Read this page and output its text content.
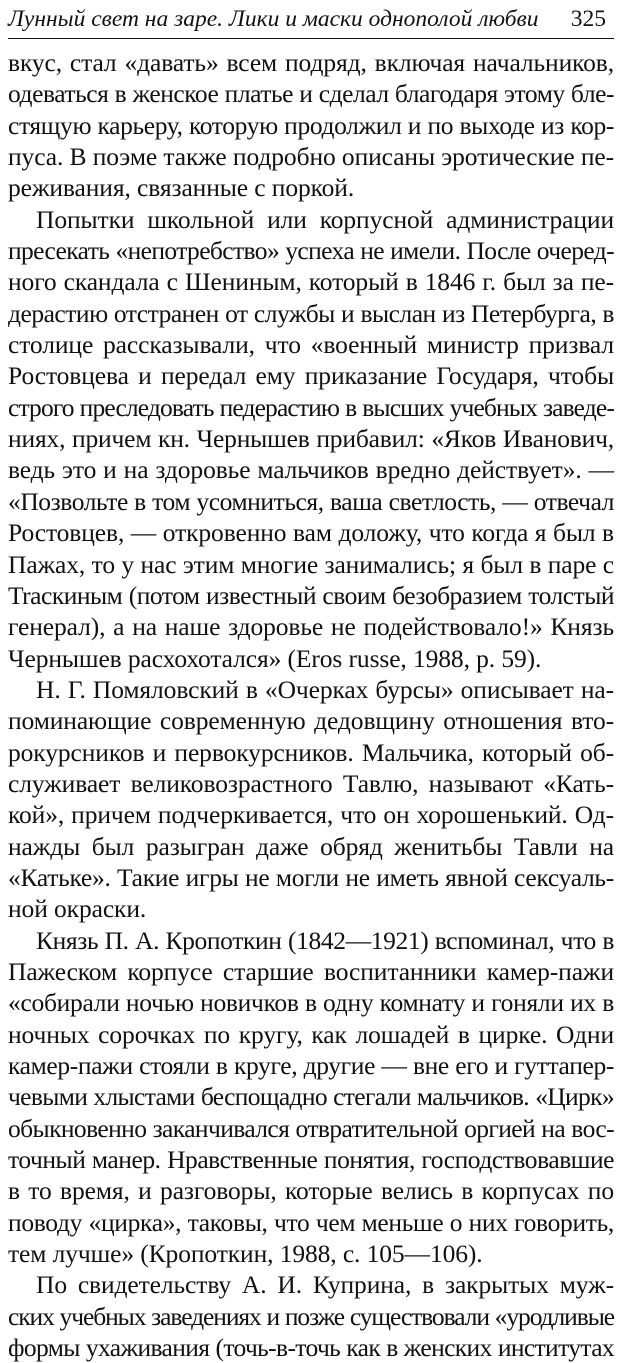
Лунный свет на заре. Лики и маски однополой любви 325
вкус, стал «давать» всем подряд, включая начальников,
одеваться в женское платье и сделал благодаря этому бле-
стящую карьеру, которую продолжил и по выходе из кор-
пуса. В поэме также подробно описаны эротические пе-
реживания, связанные с поркой.
Попытки школьной или корпусной администрации
пресекать «непотребство» успеха не имели. После очеред-
ного скандала с Шениным, который в 1846 г. был за пе-
дерастию отстранен от службы и выслан из Петербурга, в
столице рассказывали, что «военный министр призвал
Ростовцева и передал ему приказание Государя, чтобы
строго преследовать педерастию в высших учебных заведе-
ниях, причем кн. Чернышев прибавил: «Яков Иванович,
ведь это и на здоровье мальчиков вредно действует». —
«Позвольте в том усомниться, ваша светлость, — отвечал
Ростовцев, — откровенно вам доложу, что когда я был в
Пажах, то у нас этим многие занимались; я был в паре с
Traскиным (потом известный своим безобразием толстый
генерал), а на наше здоровье не подействовало!» Князь
Чернышев расхохотался» (Eros russe, 1988, p. 59).
Н. Г. Помяловский в «Очерках бурсы» описывает на-
поминающие современную дедовщину отношения вто-
рокурсников и первокурсников. Мальчика, который об-
служивает великовозрастного Тавлю, называют «Кать-
кой», причем подчеркивается, что он хорошенький. Од-
нажды был разыгран даже обряд женитьбы Тавли на
«Катьке». Такие игры не могли не иметь явной сексуаль-
ной окраски.
Князь П. А. Кропоткин (1842—1921) вспоминал, что в
Пажеском корпусе старшие воспитанники камер-пажи
«собирали ночью новичков в одну комнату и гоняли их в
ночных сорочках по кругу, как лошадей в цирке. Одни
камер-пажи стояли в круге, другие — вне его и гуттапер-
чевыми хлыстами беспощадно стегали мальчиков. «Цирк»
обыкновенно заканчивался отвратительной оргией на вос-
точный манер. Нравственные понятия, господствовавшие
в то время, и разговоры, которые велись в корпусах по
поводу «цирка», таковы, что чем меньше о них говорить,
тем лучше» (Кропоткин, 1988, с. 105—106).
По свидетельству А. И. Куприна, в закрытых муж-
ских учебных заведениях и позже существовали «уродливые
формы ухаживания (точь-в-точь как в женских институтах
